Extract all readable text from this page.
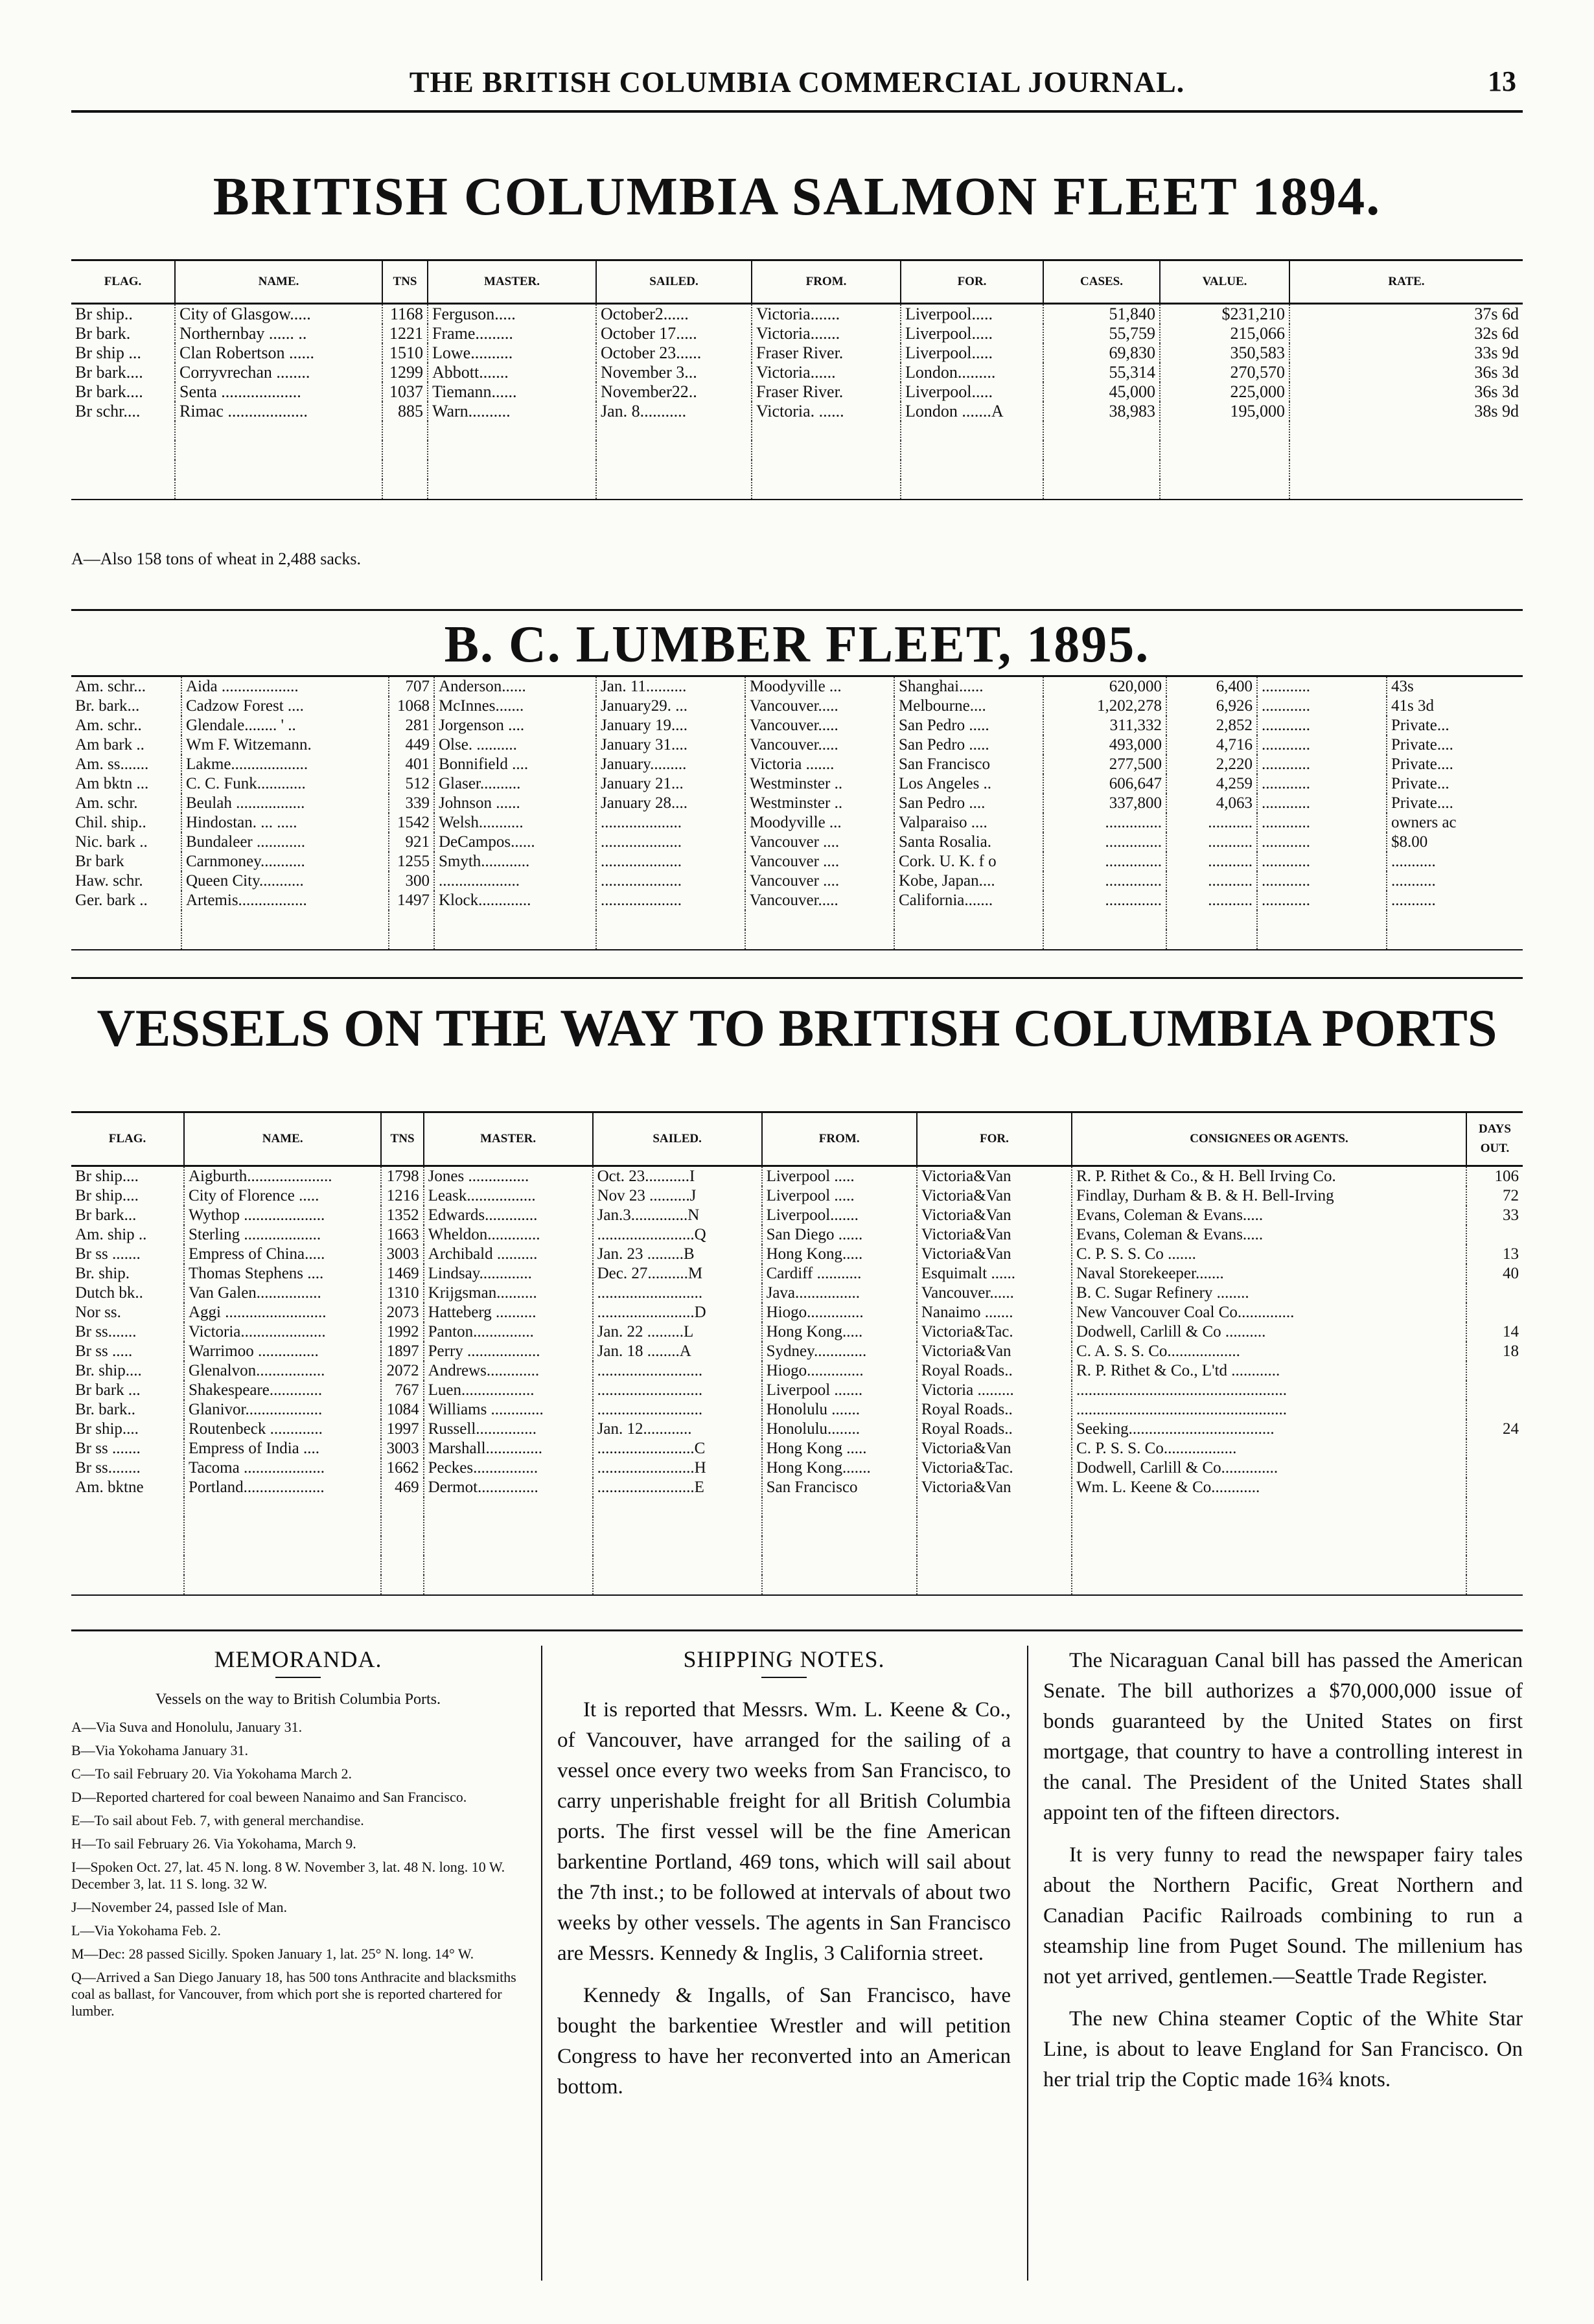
THE BRITISH COLUMBIA COMMERCIAL JOURNAL.	13
BRITISH COLUMBIA SALMON FLEET 1894.
FLAG.	NAME.	TNS	MASTER.	SAILED.	FROM.	FOR.	CASES.	VALUE.	RATE.
Br ship..	City of Glasgow.....	1168	Ferguson.....	October2......	Victoria.......	Liverpool.....	51,840	$231,210	37s 6d
Br bark.	Northernbay ...... ..	1221	Frame.........	October 17.....	Victoria.......	Liverpool.....	55,759	215,066	32s 6d
Br ship ...	Clan Robertson ......	1510	Lowe..........	October 23......	Fraser River.	Liverpool.....	69,830	350,583	33s 9d
Br bark....	Corryvrechan ........	1299	Abbott.......	November 3...	Victoria......	London.........	55,314	270,570	36s 3d
Br bark....	Senta ...................	1037	Tiemann......	November22..	Fraser River.	Liverpool.....	45,000	225,000	36s 3d
Br schr....	Rimac ...................	885	Warn..........	Jan. 8...........	Victoria. ......	London .......A	38,983	195,000	38s 9d

A—Also 158 tons of wheat in 2,488 sacks.
B. C. LUMBER FLEET, 1895.
Am. schr...	Aida ...................	707	Anderson......	Jan. 11..........	Moodyville ...	Shanghai......	620,000	6,400	............	43s
Br. bark...	Cadzow Forest ....	1068	McInnes.......	January29. ...	Vancouver.....	Melbourne....	1,202,278	6,926	............	41s 3d
Am. schr..	Glendale........ ' ..	281	Jorgenson ....	January 19....	Vancouver.....	San Pedro .....	311,332	2,852	............	Private...
Am bark ..	Wm F. Witzemann.	449	Olse. ..........	January 31....	Vancouver.....	San Pedro .....	493,000	4,716	............	Private....
Am. ss.......	Lakme...................	401	Bonnifield ....	January.........	Victoria .......	San Francisco	277,500	2,220	............	Private....
Am bktn ...	C. C. Funk............	512	Glaser..........	January 21...	Westminster ..	Los Angeles ..	606,647	4,259	............	Private...
Am. schr.	Beulah .................	339	Johnson ......	January 28....	Westminster ..	San Pedro ....	337,800	4,063	............	Private....
Chil. ship..	Hindostan. ... .....	1542	Welsh...........	....................	Moodyville ...	Valparaiso ....	..............	...........	............	owners ac
Nic. bark ..	Bundaleer ............	921	DeCampos......	....................	Vancouver ....	Santa Rosalia.	..............	...........	............	$8.00
Br bark	Carnmoney...........	1255	Smyth............	....................	Vancouver ....	Cork. U. K. f o	..............	...........	............	...........
Haw. schr.	Queen City...........	300	....................	....................	Vancouver ....	Kobe, Japan....	..............	...........	............	...........
Ger. bark ..	Artemis.................	1497	Klock.............	....................	Vancouver.....	California.......	..............	...........	............	...........

VESSELS ON THE WAY TO BRITISH COLUMBIA PORTS
FLAG.	NAME.	TNS	MASTER.	SAILED.	FROM.	FOR.	CONSIGNEES OR AGENTS.	DAYS OUT.
Br ship....	Aigburth.....................	1798	Jones ...............	Oct. 23...........I	Liverpool .....	Victoria&Van	R. P. Rithet & Co., & H. Bell Irving Co.	106
Br ship....	City of Florence .....	1216	Leask.................	Nov 23 ..........J	Liverpool .....	Victoria&Van	Findlay, Durham & B. & H. Bell-Irving	72
Br bark...	Wythop ....................	1352	Edwards.............	Jan.3..............N	Liverpool.......	Victoria&Van	Evans, Coleman & Evans.....	33
Am. ship ..	Sterling ...................	1663	Wheldon.............	........................Q	San Diego ......	Victoria&Van	Evans, Coleman & Evans.....	
Br ss .......	Empress of China.....	3003	Archibald ..........	Jan. 23 .........B	Hong Kong.....	Victoria&Van	C. P. S. S. Co .......	13
Br. ship.	Thomas Stephens ....	1469	Lindsay.............	Dec. 27..........M	Cardiff ...........	Esquimalt ......	Naval Storekeeper.......	40
Dutch bk..	Van Galen................	1310	Krijgsman..........	..........................	Java................	Vancouver......	B. C. Sugar Refinery ........	
Nor ss.	Aggi .........................	2073	Hatteberg ..........	........................D	Hiogo..............	Nanaimo .......	New Vancouver Coal Co..............	
Br ss.......	Victoria.....................	1992	Panton...............	Jan. 22 .........L	Hong Kong.....	Victoria&Tac.	Dodwell, Carlill & Co ..........	14
Br ss .....	Warrimoo ...............	1897	Perry ..................	Jan. 18 ........A	Sydney.............	Victoria&Van	C. A. S. S. Co..................	18
Br. ship....	Glenalvon.................	2072	Andrews.............	..........................	Hiogo..............	Royal Roads..	R. P. Rithet & Co., L'td ............	
Br bark ...	Shakespeare.............	767	Luen..................	..........................	Liverpool .......	Victoria .........	....................................................	
Br. bark..	Glanivor...................	1084	Williams .............	..........................	Honolulu .......	Royal Roads..	....................................................	
Br ship....	Routenbeck .............	1997	Russell...............	Jan. 12............	Honolulu........	Royal Roads..	Seeking....................................	24
Br ss .......	Empress of India ....	3003	Marshall..............	........................C	Hong Kong .....	Victoria&Van	C. P. S. S. Co..................	
Br ss........	Tacoma ....................	1662	Peckes................	........................H	Hong Kong.......	Victoria&Tac.	Dodwell, Carlill & Co..............	
Am. bktne	Portland....................	469	Dermot...............	........................E	San Francisco	Victoria&Van	Wm. L. Keene & Co............	

MEMORANDA.
Vessels on the way to British Columbia Ports.
A—Via Suva and Honolulu, January 31.
B—Via Yokohama January 31.
C—To sail February 20. Via Yokohama March 2.
D—Reported chartered for coal beween Nanaimo and San Francisco.
E—To sail about Feb. 7, with general merchandise.
H—To sail February 26. Via Yokohama, March 9.
I—Spoken Oct. 27, lat. 45 N. long. 8 W. November 3, lat. 48 N. long. 10 W. December 3, lat. 11 S. long. 32 W.
J—November 24, passed Isle of Man.
L—Via Yokohama Feb. 2.
M—Dec: 28 passed Sicilly. Spoken January 1, lat. 25° N. long. 14° W.
Q—Arrived a San Diego January 18, has 500 tons Anthracite and blacksmiths coal as ballast, for Vancouver, from which port she is reported chartered for lumber.
SHIPPING NOTES.

It is reported that Messrs. Wm. L. Keene & Co., of Vancouver, have arranged for the sailing of a vessel once every two weeks from San Francisco, to carry unperishable freight for all British Columbia ports. The first vessel will be the fine American barkentine Portland, 469 tons, which will sail about the 7th inst.; to be followed at intervals of about two weeks by other vessels. The agents in San Francisco are Messrs. Kennedy & Inglis, 3 California street.

Kennedy & Ingalls, of San Francisco, have bought the barkentiee Wrestler and will petition Congress to have her reconverted into an American bottom.

The Nicaraguan Canal bill has passed the American Senate. The bill authorizes a $70,000,000 issue of bonds guaranteed by the United States on first mortgage, that country to have a controlling interest in the canal. The President of the United States shall appoint ten of the fifteen directors.

It is very funny to read the newspaper fairy tales about the Northern Pacific, Great Northern and Canadian Pacific Railroads combining to run a steamship line from Puget Sound. The millenium has not yet arrived, gentlemen.—Seattle Trade Register.

The new China steamer Coptic of the White Star Line, is about to leave England for San Francisco. On her trial trip the Coptic made 16¾ knots.
